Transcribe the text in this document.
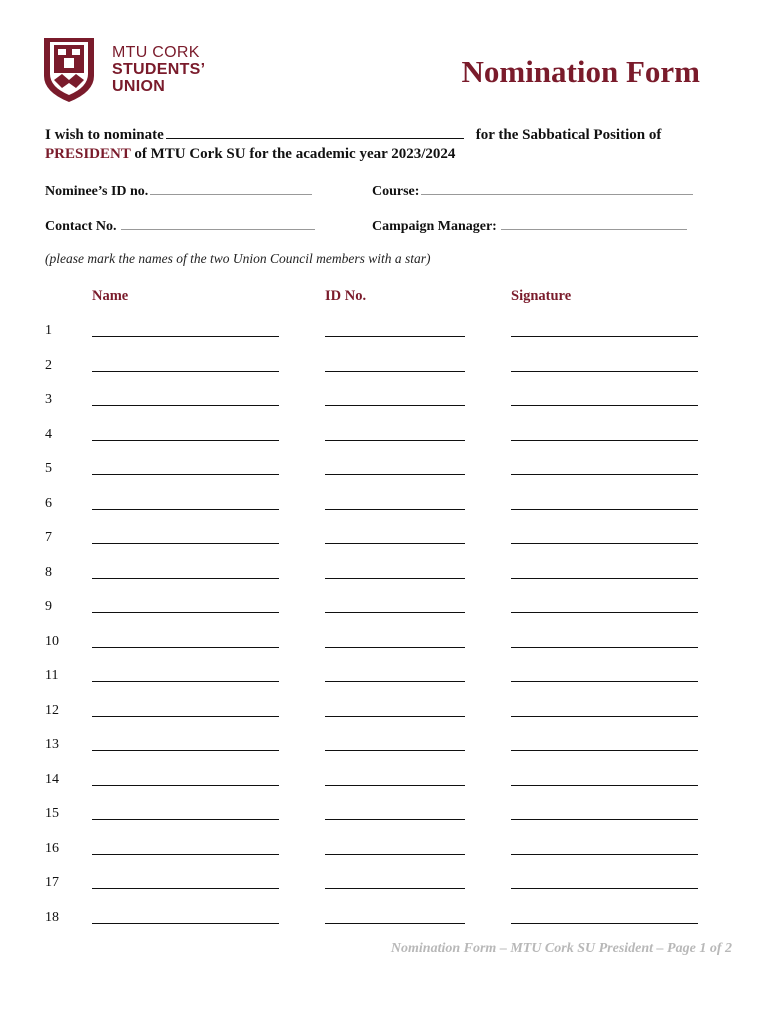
MTU CORK
STUDENTS’
UNION	Nomination Form
I wish to nominate	for the Sabbatical Position of
PRESIDENT of MTU Cork SU for the academic year 2023/2024
Nominee’s ID no.	Course:
Contact No.	Campaign Manager:
(please mark the names of the two Union Council members with a star)
Name	ID No.	Signature
1
2
3
4
5
6
7
8
9
10
11
12
13
14
15
16
17
18
Nomination Form – MTU Cork SU President – Page 1 of 2
